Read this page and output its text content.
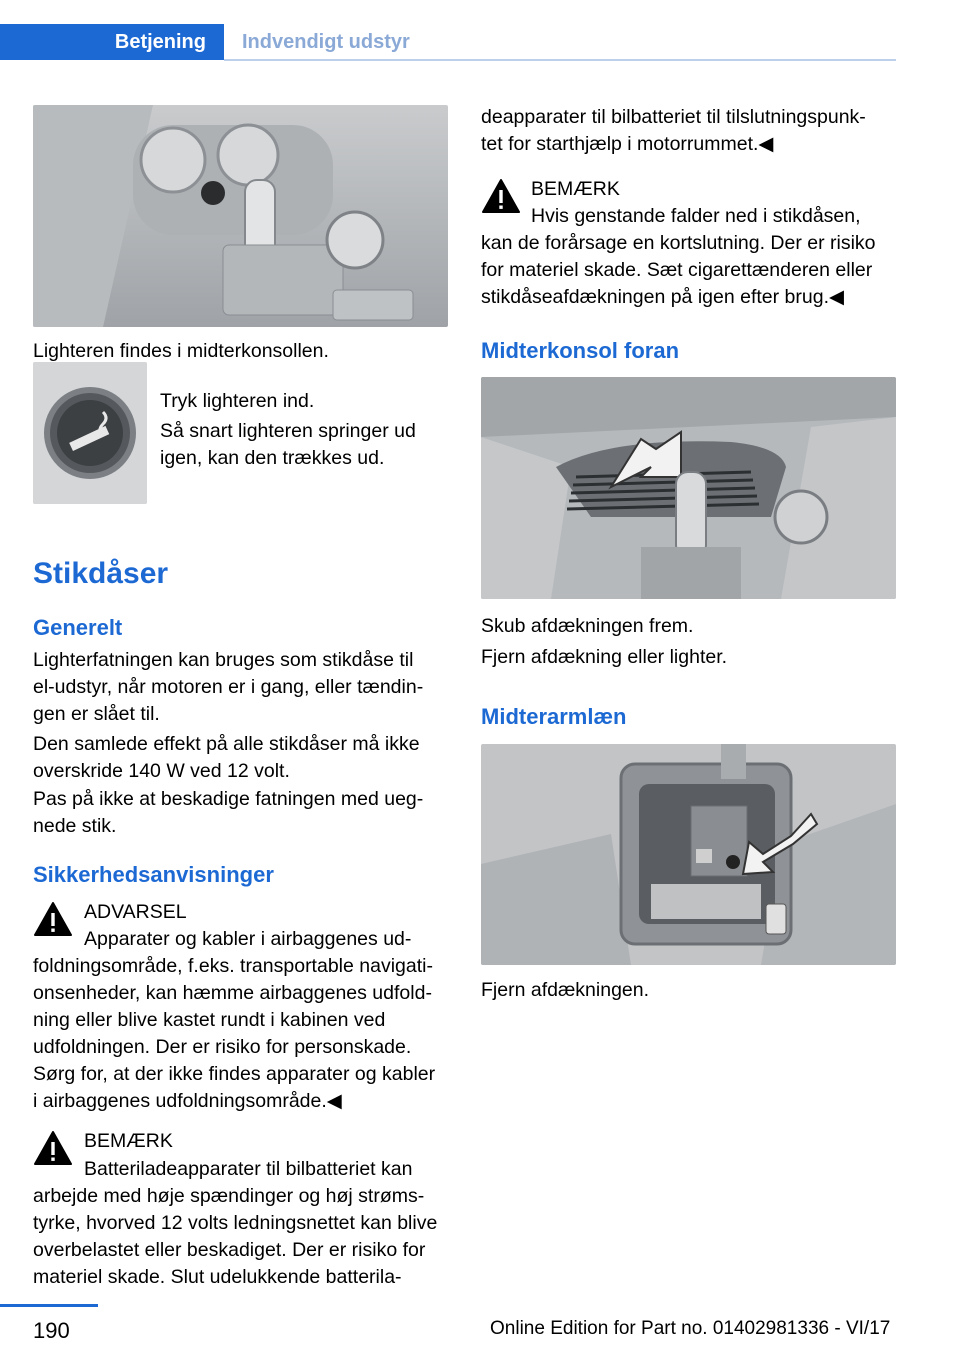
Betjening Indvendigt udstyr

Lighteren findes i midterkonsollen.

Tryk lighteren ind.

Så snart lighteren springer ud

igen, kan den trækkes ud.

Stikdåser
Generelt

Lighterfatningen kan bruges som stikdåse til

el-udstyr, når motoren er i gang, eller tændin-

gen er slået til.

Den samlede effekt på alle stikdåser må ikke

overskride 140 W ved 12 volt.

Pas på ikke at beskadige fatningen med ueg-

nede stik.

Sikkerhedsanvisninger

ADVARSEL

Apparater og kabler i airbaggenes ud-

foldningsområde, f.eks. transportable navigati-

onsenheder, kan hæmme airbaggenes udfold-

ning eller blive kastet rundt i kabinen ved

udfoldningen. Der er risiko for personskade.

Sørg for, at der ikke findes apparater og kabler

i airbaggenes udfoldningsområde.◀

BEMÆRK

Batteriladeapparater til bilbatteriet kan

arbejde med høje spændinger og høj strøms-

tyrke, hvorved 12 volts ledningsnettet kan blive

overbelastet eller beskadiget. Der er risiko for

materiel skade. Slut udelukkende batterila-

deapparater til bilbatteriet til tilslutningspunk-

tet for starthjælp i motorrummet.◀

BEMÆRK

Hvis genstande falder ned i stikdåsen,

kan de forårsage en kortslutning. Der er risiko

for materiel skade. Sæt cigarettænderen eller

stikdåseafdækningen på igen efter brug.◀

Midterkonsol foran

Skub afdækningen frem.

Fjern afdækning eller lighter.

Midterarmlæn

Fjern afdækningen.

190	Online Edition for Part no. 01402981336 - VI/17
